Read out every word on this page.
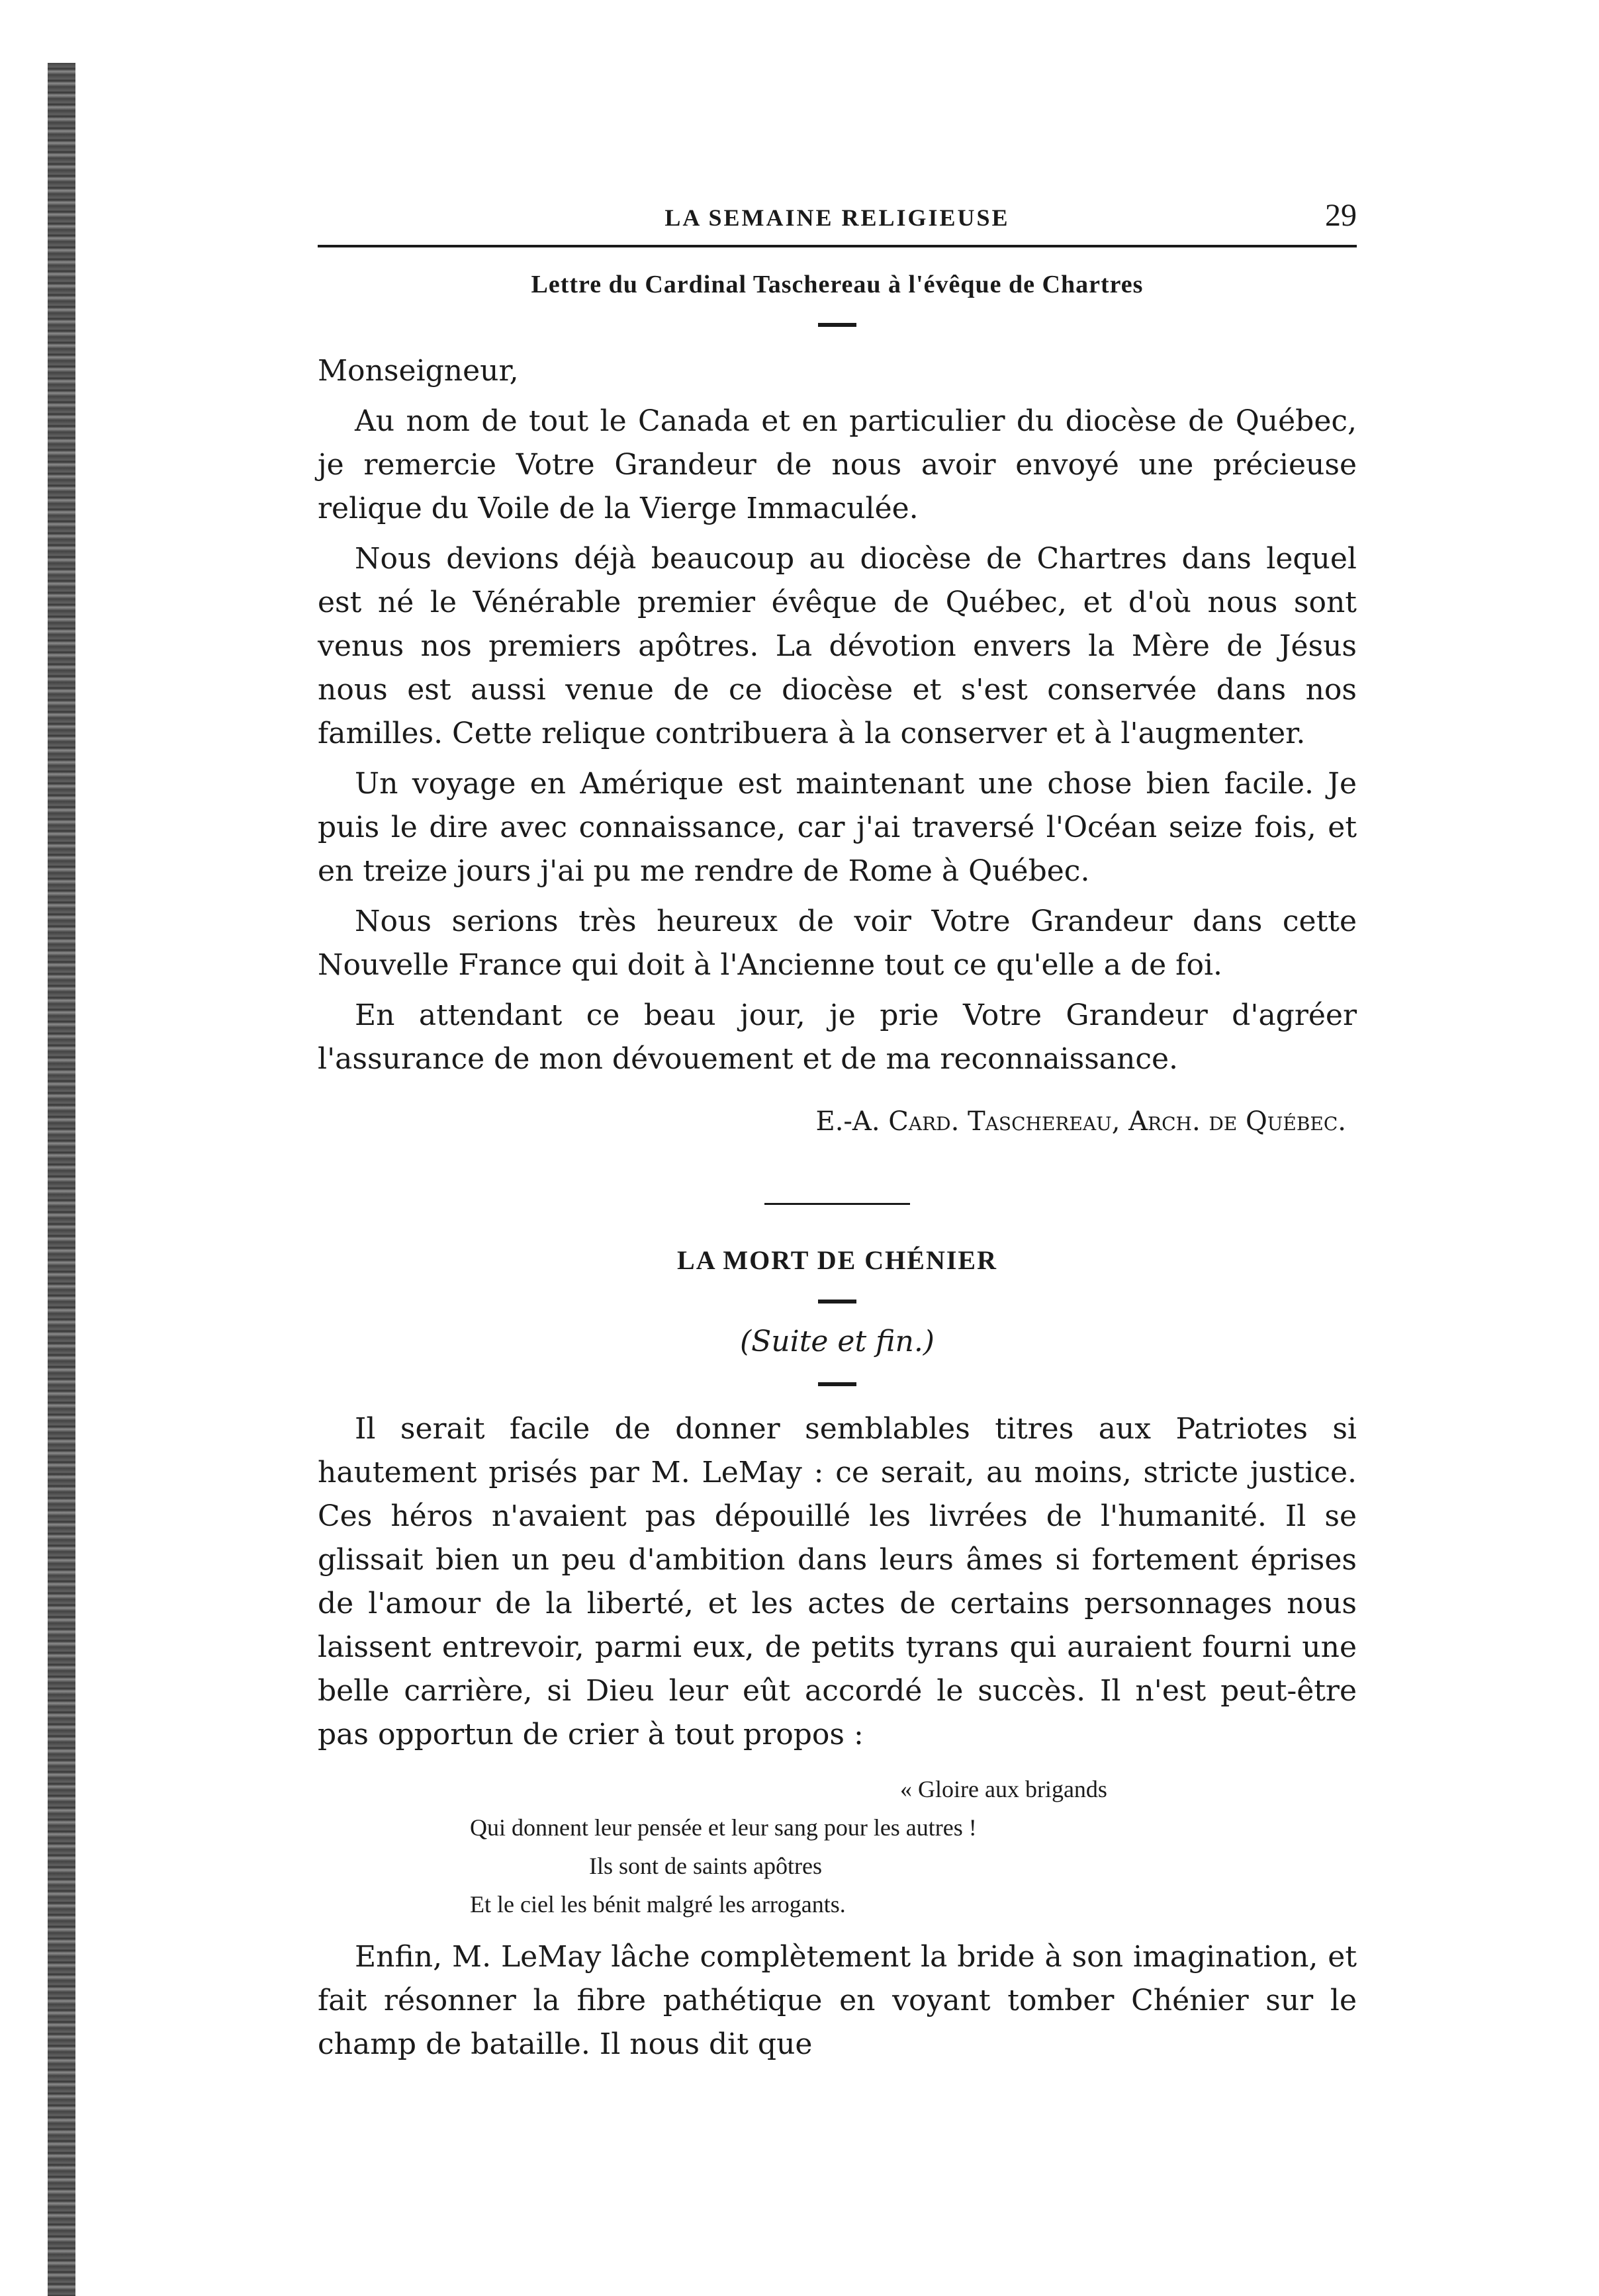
LA SEMAINE RELIGIEUSE	29
Lettre du Cardinal Taschereau à l'évêque de Chartres
Monseigneur,

Au nom de tout le Canada et en particulier du diocèse de Québec, je remercie Votre Grandeur de nous avoir envoyé une précieuse relique du Voile de la Vierge Immaculée.

Nous devions déjà beaucoup au diocèse de Chartres dans lequel est né le Vénérable premier évêque de Québec, et d'où nous sont venus nos premiers apôtres. La dévotion envers la Mère de Jésus nous est aussi venue de ce diocèse et s'est conservée dans nos familles. Cette relique contribuera à la conserver et à l'augmenter.

Un voyage en Amérique est maintenant une chose bien facile. Je puis le dire avec connaissance, car j'ai traversé l'Océan seize fois, et en treize jours j'ai pu me rendre de Rome à Québec.

Nous serions très heureux de voir Votre Grandeur dans cette Nouvelle France qui doit à l'Ancienne tout ce qu'elle a de foi.

En attendant ce beau jour, je prie Votre Grandeur d'agréer l'assurance de mon dévouement et de ma reconnaissance.

E.-A. Card. Taschereau, Arch. de Québec.
LA MORT DE CHÉNIER

(Suite et fin.)

Il serait facile de donner semblables titres aux Patriotes si hautement prisés par M. LeMay : ce serait, au moins, stricte justice. Ces héros n'avaient pas dépouillé les livrées de l'humanité. Il se glissait bien un peu d'ambition dans leurs âmes si fortement éprises de l'amour de la liberté, et les actes de certains personnages nous laissent entrevoir, parmi eux, de petits tyrans qui auraient fourni une belle carrière, si Dieu leur eût accordé le succès. Il n'est peut-être pas opportun de crier à tout propos :

« Gloire aux brigands
Qui donnent leur pensée et leur sang pour les autres !
Ils sont de saints apôtres
Et le ciel les bénit malgré les arrogants.

Enfin, M. LeMay lâche complètement la bride à son imagination, et fait résonner la fibre pathétique en voyant tomber Chénier sur le champ de bataille. Il nous dit que
